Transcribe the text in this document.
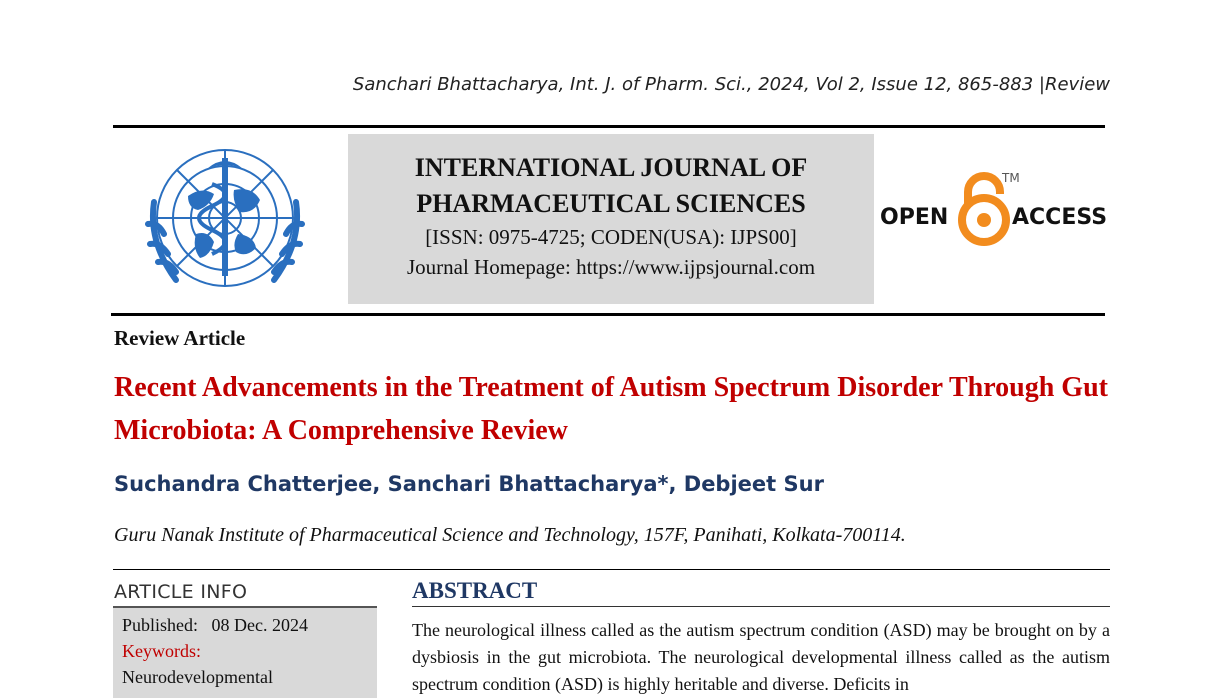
Sanchari Bhattacharya, Int. J. of Pharm. Sci., 2024, Vol 2, Issue 12, 865-883 |Review
INTERNATIONAL JOURNAL OF
PHARMACEUTICAL SCIENCES
[ISSN: 0975-4725; CODEN(USA): IJPS00]
Journal Homepage: https://www.ijpsjournal.com
OPEN
TM
ACCESS
Review Article
Recent Advancements in the Treatment of Autism Spectrum Disorder Through Gut Microbiota: A Comprehensive Review
Suchandra Chatterjee, Sanchari Bhattacharya*, Debjeet Sur
Guru Nanak Institute of Pharmaceutical Science and Technology, 157F, Panihati, Kolkata-700114.
ARTICLE INFO
Published: 08 Dec. 2024
Keywords:
Neurodevelopmental
ABSTRACT
The neurological illness called as the autism spectrum condition (ASD) may be brought on by a dysbiosis in the gut microbiota. The neurological developmental illness called as the autism spectrum condition (ASD) is highly heritable and diverse. Deficits in
